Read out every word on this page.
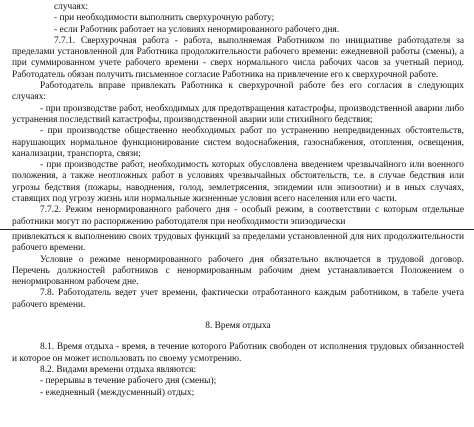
случаях:

- при необходимости выполнить сверхурочную работу;

- если Работник работает на условиях ненормированного рабочего дня.

7.7.1. Сверхурочная работа - работа, выполняемая Работником по инициативе работодателя за пределами установленной для Работника продолжительности рабочего времени: ежедневной работы (смены), а при суммированном учете рабочего времени - сверх нормального числа рабочих часов за учетный период. Работодатель обязан получить письменное согласие Работника на привлечение его к сверхурочной работе.

Работодатель вправе привлекать Работника к сверхурочной работе без его согласия в следующих случаях:

- при производстве работ, необходимых для предотвращения катастрофы, производственной аварии либо устранения последствий катастрофы, производственной аварии или стихийного бедствия;

- при производстве общественно необходимых работ по устранению непредвиденных обстоятельств, нарушающих нормальное функционирование систем водоснабжения, газоснабжения, отопления, освещения, канализации, транспорта, связи;

- при производстве работ, необходимость которых обусловлена введением чрезвычайного или военного положения, а также неотложных работ в условиях чрезвычайных обстоятельств, т.е. в случае бедствия или угрозы бедствия (пожары, наводнения, голод, землетрясения, эпидемии или эпизоотии) и в иных случаях, ставящих под угрозу жизнь или нормальные жизненные условия всего населения или его части.

7.7.2. Режим ненормированного рабочего дня - особый режим, в соответствии с которым отдельные работники могут по распоряжению работодателя при необходимости эпизодически

привлекаться к выполнению своих трудовых функций за пределами установленной для них продолжительности рабочего времени.

Условие о режиме ненормированного рабочего дня обязательно включается в трудовой договор. Перечень должностей работников с ненормированным рабочим днем устанавливается Положением о ненормированном рабочем дне.

7.8. Работодатель ведет учет времени, фактически отработанного каждым работником, в табеле учета рабочего времени.

8. Время отдыха

8.1. Время отдыха - время, в течение которого Работник свободен от исполнения трудовых обязанностей и которое он может использовать по своему усмотрению.

8.2. Видами времени отдыха являются:

- перерывы в течение рабочего дня (смены);

- ежедневный (междусменный) отдых;
